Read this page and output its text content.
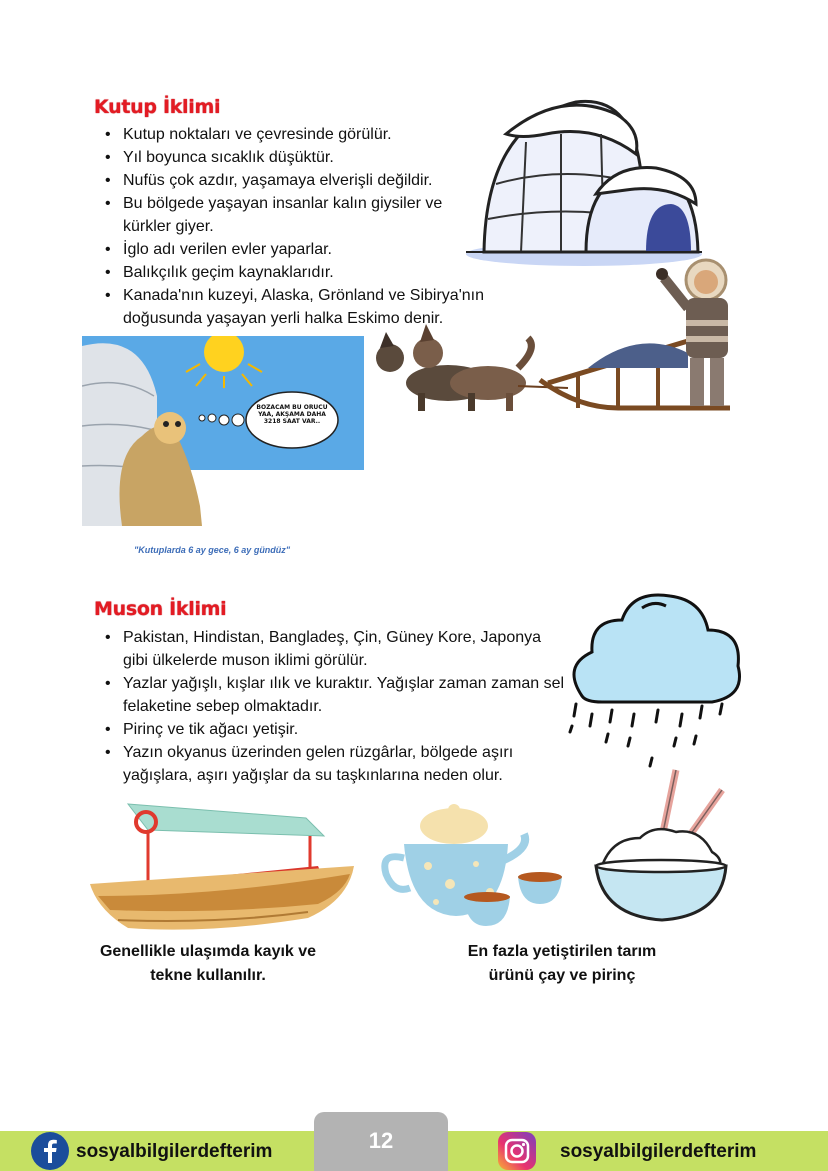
Kutup İklimi
• Kutup noktaları ve çevresinde görülür.
• Yıl boyunca sıcaklık düşüktür.
• Nufüs çok azdır, yaşamaya elverişli değildir.
• Bu bölgede yaşayan insanlar kalın giysiler ve kürkler giyer.
• İglo adı verilen evler yaparlar.
• Balıkçılık geçim kaynaklarıdır.
• Kanada'nın kuzeyi, Alaska, Grönland ve Sibirya'nın doğusunda yaşayan yerli halka Eskimo denir.
BOZACAM BU ORUCU YAA, AKŞAMA DAHA 3218 SAAT VAR..
"Kutuplarda 6 ay gece, 6 ay gündüz"
Muson İklimi
• Pakistan, Hindistan, Bangladeş, Çin, Güney Kore, Japonya gibi ülkelerde muson iklimi görülür.
• Yazlar yağışlı, kışlar ılık ve kuraktır. Yağışlar zaman zaman sel felaketine sebep olmaktadır.
• Pirinç ve tik ağacı yetişir.
• Yazın okyanus üzerinden gelen rüzgârlar, bölgede aşırı yağışlara, aşırı yağışlar da su taşkınlarına neden olur.
Genellikle ulaşımda kayık ve
tekne kullanılır.
En fazla yetiştirilen tarım
ürünü çay ve pirinç
12
sosyalbilgilerdefterim	sosyalbilgilerdefterim
